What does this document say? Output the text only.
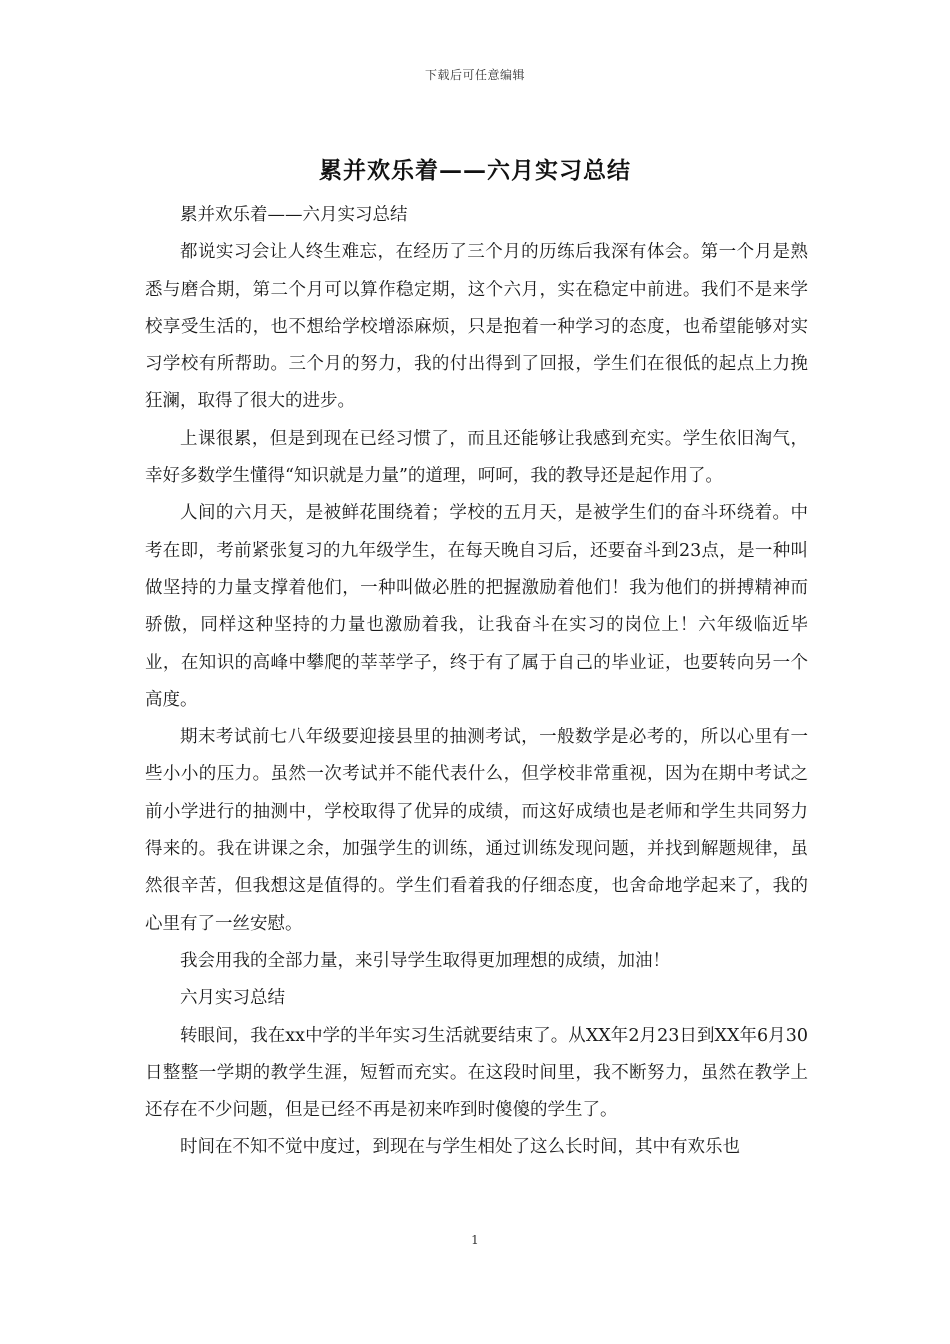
下载后可任意编辑
累并欢乐着——六月实习总结

累并欢乐着——六月实习总结

都说实习会让人终生难忘，在经历了三个月的历练后我深有体会。第一个月是熟悉与磨合期，第二个月可以算作稳定期，这个六月，实在稳定中前进。我们不是来学校享受生活的，也不想给学校增添麻烦，只是抱着一种学习的态度，也希望能够对实习学校有所帮助。三个月的努力，我的付出得到了回报，学生们在很低的起点上力挽狂澜，取得了很大的进步。

上课很累，但是到现在已经习惯了，而且还能够让我感到充实。学生依旧淘气，幸好多数学生懂得“知识就是力量”的道理，呵呵，我的教导还是起作用了。

人间的六月天，是被鲜花围绕着；学校的五月天，是被学生们的奋斗环绕着。中考在即，考前紧张复习的九年级学生，在每天晚自习后，还要奋斗到23点，是一种叫做坚持的力量支撑着他们，一种叫做必胜的把握激励着他们！我为他们的拼搏精神而骄傲，同样这种坚持的力量也激励着我，让我奋斗在实习的岗位上！六年级临近毕业，在知识的高峰中攀爬的莘莘学子，终于有了属于自己的毕业证，也要转向另一个高度。

期末考试前七八年级要迎接县里的抽测考试，一般数学是必考的，所以心里有一些小小的压力。虽然一次考试并不能代表什么，但学校非常重视，因为在期中考试之前小学进行的抽测中，学校取得了优异的成绩，而这好成绩也是老师和学生共同努力得来的。我在讲课之余，加强学生的训练，通过训练发现问题，并找到解题规律，虽然很辛苦，但我想这是值得的。学生们看着我的仔细态度，也舍命地学起来了，我的心里有了一丝安慰。

我会用我的全部力量，来引导学生取得更加理想的成绩，加油！

六月实习总结

转眼间，我在xx中学的半年实习生活就要结束了。从XX年2月23日到XX年6月30日整整一学期的教学生涯，短暂而充实。在这段时间里，我不断努力，虽然在教学上还存在不少问题，但是已经不再是初来咋到时傻傻的学生了。

时间在不知不觉中度过，到现在与学生相处了这么长时间，其中有欢乐也

1
